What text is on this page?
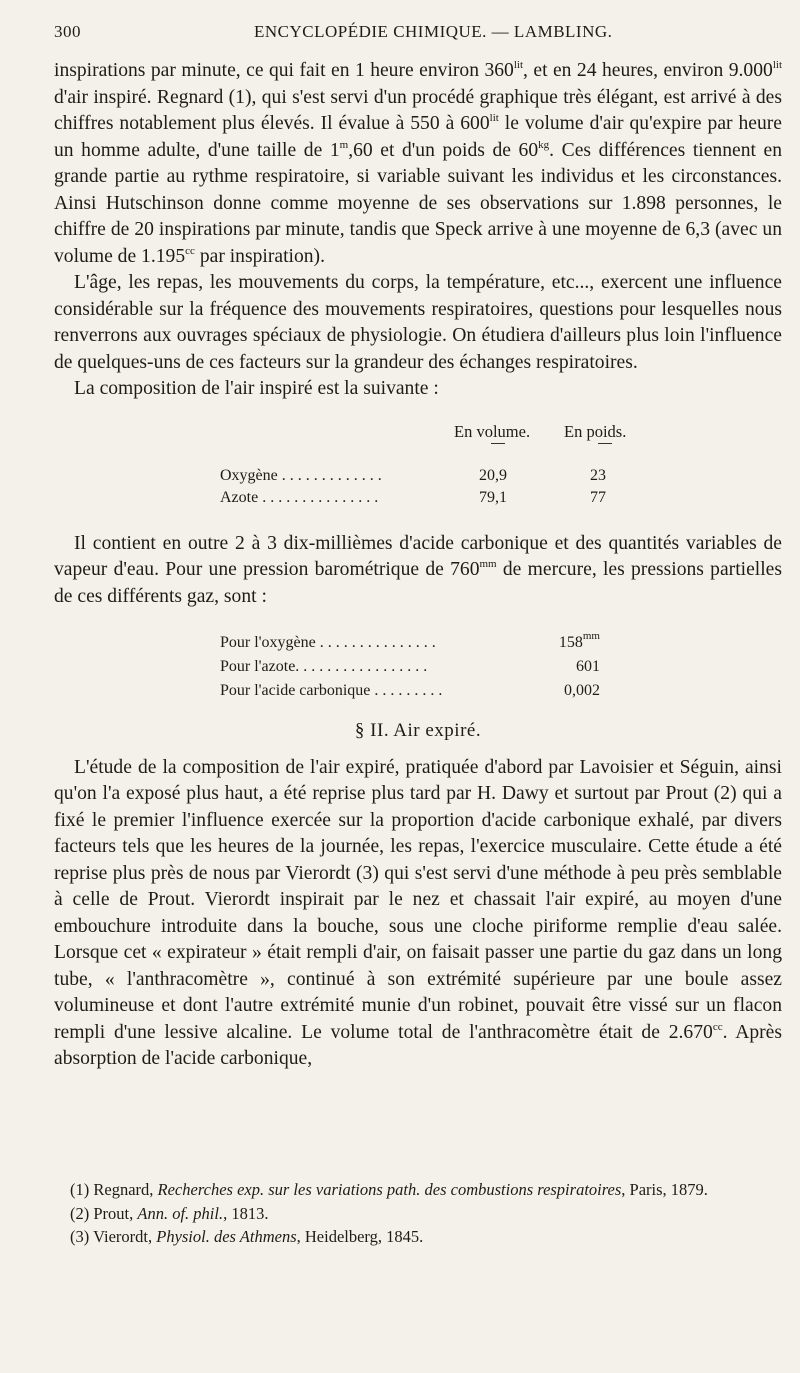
300	ENCYCLOPÉDIE CHIMIQUE. — LAMBLING.

inspirations par minute, ce qui fait en 1 heure environ $360^{lit}$, et en 24 heures, environ $9.000^{lit}$ d'air inspiré. Regnard (1), qui s'est servi d'un procédé graphique très élégant, est arrivé à des chiffres notablement plus élevés. Il évalue à 550 à $600^{lit}$ le volume d'air qu'expire par heure un homme adulte, d'une taille de 1$^m$,60 et d'un poids de $60^{kg}$. Ces différences tiennent en grande partie au rythme respiratoire, si variable suivant les individus et les circonstances. Ainsi Hutschinson donne comme moyenne de ses observations sur 1.898 personnes, le chiffre de 20 inspirations par minute, tandis que Speck arrive à une moyenne de 6,3 (avec un volume de 1.195$^{cc}$ par inspiration).

L'âge, les repas, les mouvements du corps, la température, etc..., exercent une influence considérable sur la fréquence des mouvements respiratoires, questions pour lesquelles nous renverrons aux ouvrages spéciaux de physiologie. On étudiera d'ailleurs plus loin l'influence de quelques-uns de ces facteurs sur la grandeur des échanges respiratoires.

La composition de l'air inspiré est la suivante :

En volume. En poids.
Oxygène . . . . . . . . . . . . .	20,9	23
Azote . . . . . . . . . . . . . . .	79,1	77

Il contient en outre 2 à 3 dix-millièmes d'acide carbonique et des quantités variables de vapeur d'eau. Pour une pression barométrique de $760^{mm}$ de mercure, les pressions partielles de ces différents gaz, sont :

Pour l'oxygène . . . . . . . . . . . . . . .	$158^{mm}$
Pour l'azote. . . . . . . . . . . . . . . . .	601
Pour l'acide carbonique . . . . . . . . .	0,002
§ II. Air expiré.

L'étude de la composition de l'air expiré, pratiquée d'abord par Lavoisier et Séguin, ainsi qu'on l'a exposé plus haut, a été reprise plus tard par H. Dawy et surtout par Prout (2) qui a fixé le premier l'influence exercée sur la proportion d'acide carbonique exhalé, par divers facteurs tels que les heures de la journée, les repas, l'exercice musculaire. Cette étude a été reprise plus près de nous par Vierordt (3) qui s'est servi d'une méthode à peu près semblable à celle de Prout. Vierordt inspirait par le nez et chassait l'air expiré, au moyen d'une embouchure introduite dans la bouche, sous une cloche piriforme remplie d'eau salée. Lorsque cet « expirateur » était rempli d'air, on faisait passer une partie du gaz dans un long tube, « l'anthracomètre », continué à son extrémité supérieure par une boule assez volumineuse et dont l'autre extrémité munie d'un robinet, pouvait être vissé sur un flacon rempli d'une lessive alcaline. Le volume total de l'anthracomètre était de 2.670$^{cc}$. Après absorption de l'acide carbonique,

(1) Regnard, Recherches exp. sur les variations path. des combustions respiratoires, Paris, 1879.

(2) Prout, Ann. of. phil., 1813.

(3) Vierordt, Physiol. des Athmens, Heidelberg, 1845.
